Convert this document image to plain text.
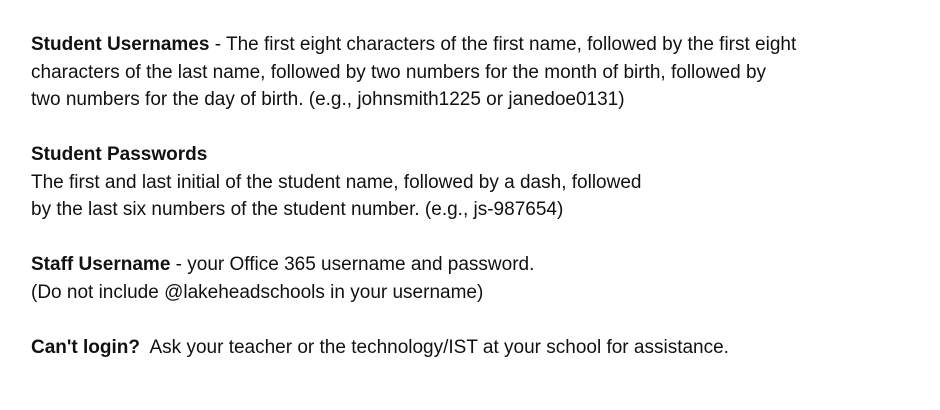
Student Usernames - The first eight characters of the first name, followed by the first eight
characters of the last name, followed by two numbers for the month of birth, followed by
two numbers for the day of birth. (e.g., johnsmith1225 or janedoe0131)
Student Passwords
The first and last initial of the student name, followed by a dash, followed
by the last six numbers of the student number. (e.g., js-987654)
Staff Username - your Office 365 username and password.
(Do not include @lakeheadschools in your username)
Can't login?  Ask your teacher or the technology/IST at your school for assistance.
